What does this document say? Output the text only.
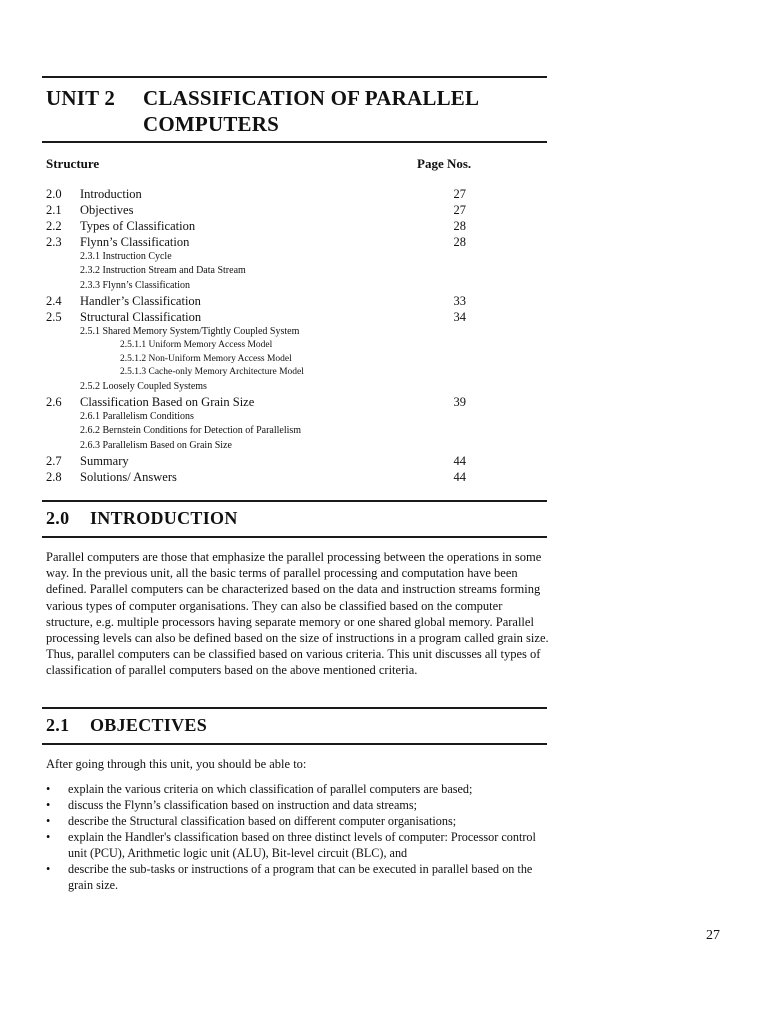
UNIT 2 CLASSIFICATION OF PARALLEL COMPUTERS
Structure	Page Nos.
2.0 Introduction	27
2.1 Objectives	27
2.2 Types of Classification	28
2.3 Flynn’s Classification	28
2.3.1 Instruction Cycle
2.3.2 Instruction Stream and Data Stream
2.3.3 Flynn’s Classification
2.4 Handler’s Classification	33
2.5 Structural Classification	34
2.5.1 Shared Memory System/Tightly Coupled System
2.5.1.1 Uniform Memory Access Model
2.5.1.2 Non-Uniform Memory Access Model
2.5.1.3 Cache-only Memory Architecture Model
2.5.2 Loosely Coupled Systems
2.6 Classification Based on Grain Size	39
2.6.1 Parallelism Conditions
2.6.2 Bernstein Conditions for Detection of Parallelism
2.6.3 Parallelism Based on Grain Size
2.7 Summary	44
2.8 Solutions/ Answers	44
2.0 INTRODUCTION

Parallel computers are those that emphasize the parallel processing between the operations in some way. In the previous unit, all the basic terms of parallel processing and computation have been defined. Parallel computers can be characterized based on the data and instruction streams forming various types of computer organisations. They can also be classified based on the computer structure, e.g. multiple processors having separate memory or one shared global memory. Parallel processing levels can also be defined based on the size of instructions in a program called grain size. Thus, parallel computers can be classified based on various criteria. This unit discusses all types of classification of parallel computers based on the above mentioned criteria.

2.1 OBJECTIVES

After going through this unit, you should be able to:

• explain the various criteria on which classification of parallel computers are based;
• discuss the Flynn’s classification based on instruction and data streams;
• describe the Structural classification based on different computer organisations;
• explain the Handler's classification based on three distinct levels of computer: Processor control unit (PCU), Arithmetic logic unit (ALU), Bit-level circuit (BLC), and
• describe the sub-tasks or instructions of a program that can be executed in parallel based on the grain size.
27
